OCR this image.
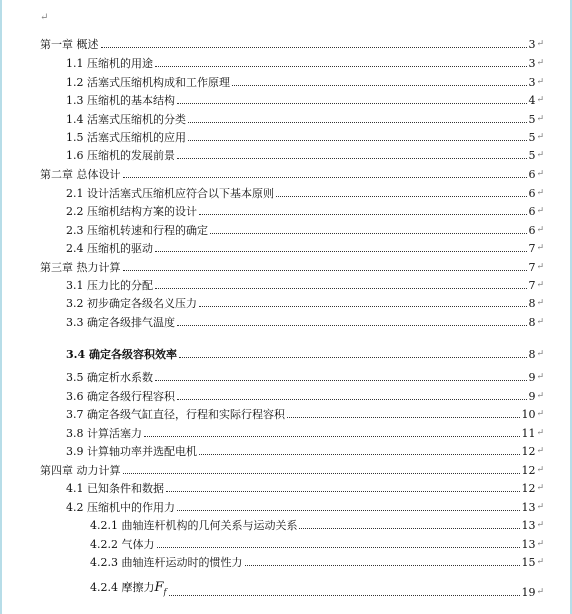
↵
第一章 概述	3 ↵
1.1 压缩机的用途	3 ↵
1.2 活塞式压缩机构成和工作原理	3 ↵
1.3 压缩机的基本结构	4 ↵
1.4 活塞式压缩机的分类	5 ↵
1.5 活塞式压缩机的应用	5 ↵
1.6 压缩机的发展前景	5 ↵
第二章 总体设计	6 ↵
2.1 设计活塞式压缩机应符合以下基本原则	6 ↵
2.2 压缩机结构方案的设计	6 ↵
2.3 压缩机转速和行程的确定	6 ↵
2.4 压缩机的驱动	7 ↵
第三章 热力计算	7 ↵
3.1 压力比的分配	7 ↵
3.2 初步确定各级名义压力	8 ↵
3.3 确定各级排气温度	8 ↵
3.4 确定各级容积效率	8 ↵
3.5 确定析水系数	9 ↵
3.6 确定各级行程容积	9 ↵
3.7 确定各级气缸直径，行程和实际行程容积	10 ↵
3.8 计算活塞力	11 ↵
3.9 计算轴功率并选配电机	12 ↵
第四章 动力计算	12 ↵
4.1 已知条件和数据	12 ↵
4.2 压缩机中的作用力	13 ↵
4.2.1 曲轴连杆机构的几何关系与运动关系	13 ↵
4.2.2 气体力	13 ↵
4.2.3 曲轴连杆运动时的惯性力	15 ↵
4.2.4 摩擦力$F_f$	19 ↵
